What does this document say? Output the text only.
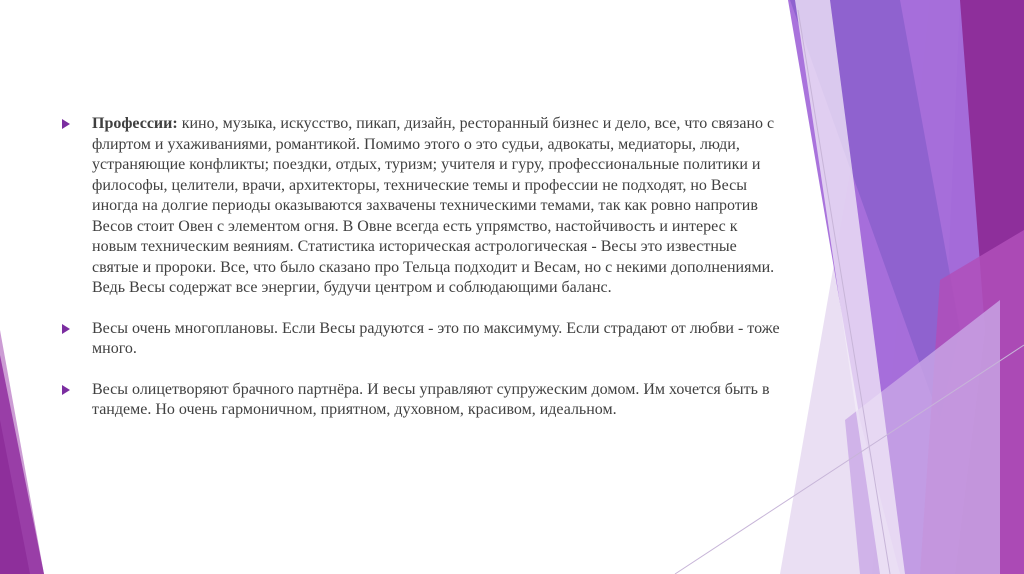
Профессии: кино, музыка, искусство, пикап, дизайн, ресторанный бизнес и дело, все, что связано с флиртом и ухаживаниями, романтикой. Помимо этого о это судьи, адвокаты, медиаторы, люди, устраняющие конфликты; поездки, отдых, туризм; учителя и гуру, профессиональные политики и философы, целители, врачи, архитекторы, технические темы и профессии не подходят, но Весы иногда на долгие периоды оказываются захвачены техническими темами, так как ровно напротив Весов стоит Овен с элементом огня. В Овне всегда есть упрямство, настойчивость и интерес к новым техническим веяниям. Статистика историческая астрологическая - Весы это известные святые и пророки. Все, что было сказано про Тельца подходит и Весам, но с некими дополнениями. Ведь Весы содержат все энергии, будучи центром и соблюдающими баланс.
Весы очень многоплановы. Если Весы радуются - это по максимуму. Если страдают от любви - тоже много.
Весы олицетворяют брачного партнёра. И весы управляют супружеским домом. Им хочется быть в тандеме. Но очень гармоничном, приятном, духовном, красивом, идеальном.
